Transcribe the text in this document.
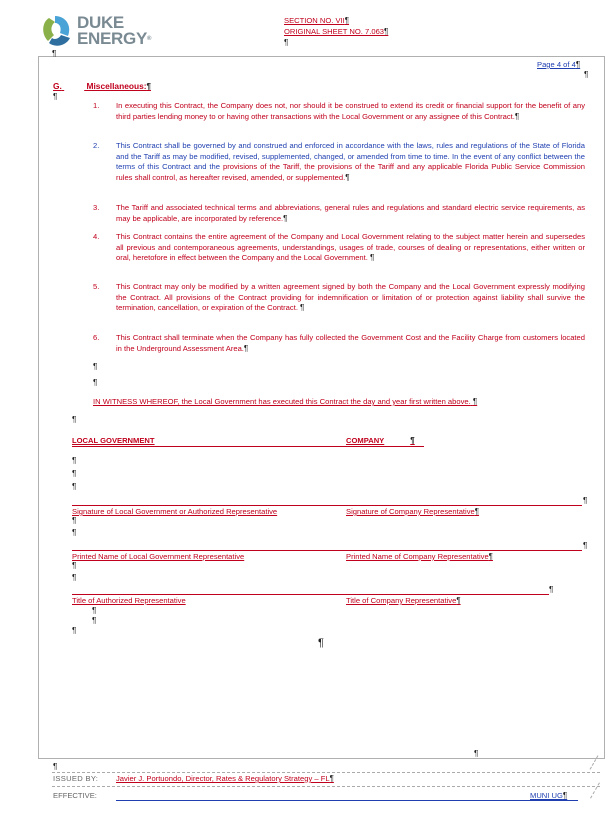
DUKE
ENERGY®
SECTION NO. VII¶
ORIGINAL SHEET NO. 7.063¶
¶
¶
Page 4 of 4¶
¶
G.	Miscellaneous:¶
¶
1. In executing this Contract, the Company does not, nor should it be construed to extend its credit or financial support for the benefit of any third parties lending money to or having other transactions with the Local Government or any assignee of this Contract.¶
2. This Contract shall be governed by and construed and enforced in accordance with the laws, rules and regulations of the State of Florida and the Tariff as may be modified, revised, supplemented, changed, or amended from time to time. In the event of any conflict between the terms of this Contract and the provisions of the Tariff, the provisions of the Tariff and any applicable Florida Public Service Commission rules shall control, as hereafter revised, amended, or supplemented.¶
3. The Tariff and associated technical terms and abbreviations, general rules and regulations and standard electric service requirements, as may be applicable, are incorporated by reference.¶
4. This Contract contains the entire agreement of the Company and Local Government relating to the subject matter herein and supersedes all previous and contemporaneous agreements, understandings, usages of trade, courses of dealing or representations, either written or oral, heretofore in effect between the Company and the Local Government. ¶
5. This Contract may only be modified by a written agreement signed by both the Company and the Local Government expressly modifying the Contract. All provisions of the Contract providing for indemnification or limitation of or protection against liability shall survive the termination, cancellation, or expiration of the Contract. ¶
6. This Contract shall terminate when the Company has fully collected the Government Cost and the Facility Charge from customers located in the Underground Assessment Area.¶
¶
¶
IN WITNESS WHEREOF, the Local Government has executed this Contract the day and year first written above. ¶
¶
LOCAL GOVERNMENT	COMPANY	¶
¶
¶
¶
¶
Signature of Local Government or Authorized Representative	Signature of Company Representative¶
¶
¶
¶
Printed Name of Local Government Representative	Printed Name of Company Representative¶
¶
¶
¶
Title of Authorized Representative	Title of Company Representative¶
¶
¶
¶
¶
¶
¶
ISSUED BY: Javier J. Portuondo, Director, Rates & Regulatory Strategy – FL¶
EFFECTIVE:	MUNI UG¶
